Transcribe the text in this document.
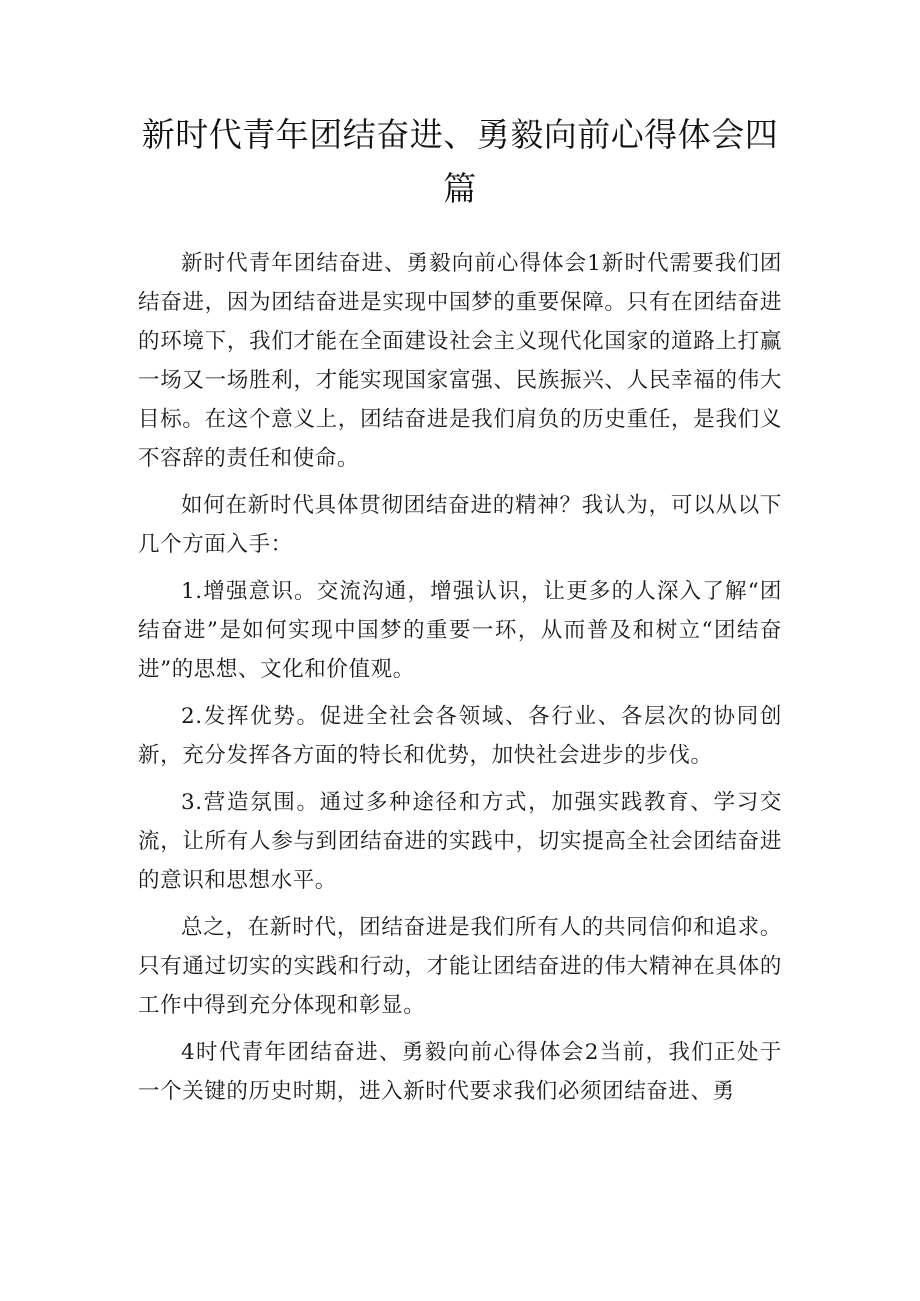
新时代青年团结奋进、勇毅向前心得体会四篇

新时代青年团结奋进、勇毅向前心得体会1新时代需要我们团结奋进，因为团结奋进是实现中国梦的重要保障。只有在团结奋进的环境下，我们才能在全面建设社会主义现代化国家的道路上打赢一场又一场胜利，才能实现国家富强、民族振兴、人民幸福的伟大目标。在这个意义上，团结奋进是我们肩负的历史重任，是我们义不容辞的责任和使命。

如何在新时代具体贯彻团结奋进的精神？我认为，可以从以下几个方面入手：

1.增强意识。交流沟通，增强认识，让更多的人深入了解“团结奋进”是如何实现中国梦的重要一环，从而普及和树立“团结奋进”的思想、文化和价值观。

2.发挥优势。促进全社会各领域、各行业、各层次的协同创新，充分发挥各方面的特长和优势，加快社会进步的步伐。

3.营造氛围。通过多种途径和方式，加强实践教育、学习交流，让所有人参与到团结奋进的实践中，切实提高全社会团结奋进的意识和思想水平。

总之，在新时代，团结奋进是我们所有人的共同信仰和追求。只有通过切实的实践和行动，才能让团结奋进的伟大精神在具体的工作中得到充分体现和彰显。

4时代青年团结奋进、勇毅向前心得体会2当前，我们正处于一个关键的历史时期，进入新时代要求我们必须团结奋进、勇
